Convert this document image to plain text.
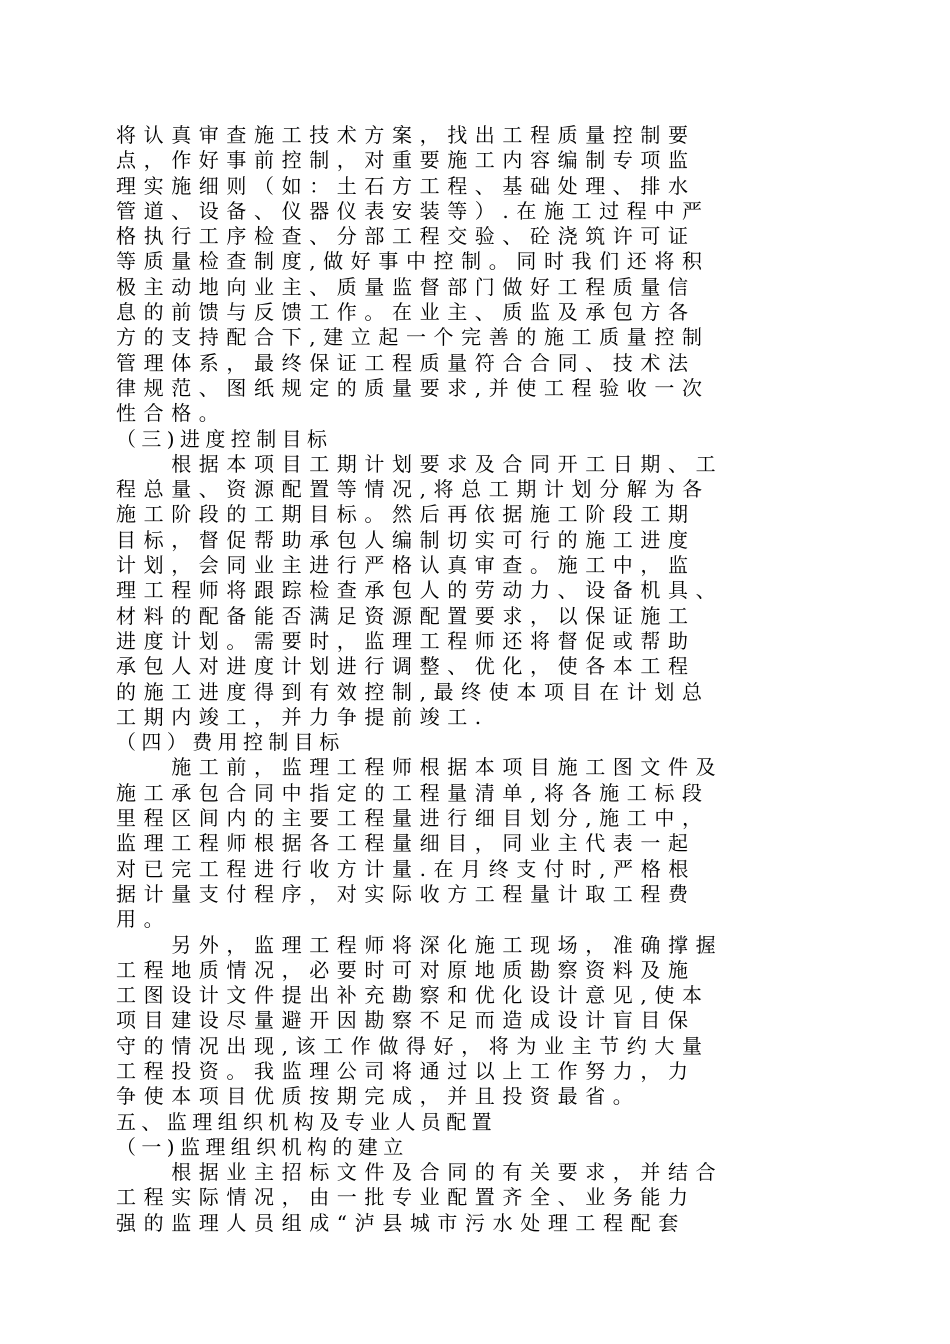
将认真审查施工技术方案，找出工程质量控制要
点，作好事前控制，对重要施工内容编制专项监
理实施细则（如：土石方工程、基础处理、排水
管道、设备、仪器仪表安装等）.在施工过程中严
格执行工序检查、分部工程交验、砼浇筑许可证
等质量检查制度,做好事中控制。同时我们还将积
极主动地向业主、质量监督部门做好工程质量信
息的前馈与反馈工作。在业主、质监及承包方各
方的支持配合下,建立起一个完善的施工质量控制
管理体系，最终保证工程质量符合合同、技术法
律规范、图纸规定的质量要求,并使工程验收一次
性合格。
（三)进度控制目标
　　根据本项目工期计划要求及合同开工日期、工
程总量、资源配置等情况,将总工期计划分解为各
施工阶段的工期目标。然后再依据施工阶段工期
目标，督促帮助承包人编制切实可行的施工进度
计划，会同业主进行严格认真审查。施工中，监
理工程师将跟踪检查承包人的劳动力、设备机具、
材料的配备能否满足资源配置要求，以保证施工
进度计划。需要时，监理工程师还将督促或帮助
承包人对进度计划进行调整、优化，使各本工程
的施工进度得到有效控制,最终使本项目在计划总
工期内竣工，并力争提前竣工.
（四）费用控制目标
　　施工前，监理工程师根据本项目施工图文件及
施工承包合同中指定的工程量清单,将各施工标段
里程区间内的主要工程量进行细目划分,施工中，
监理工程师根据各工程量细目，同业主代表一起
对已完工程进行收方计量.在月终支付时,严格根
据计量支付程序，对实际收方工程量计取工程费
用。
　　另外，监理工程师将深化施工现场，准确撑握
工程地质情况，必要时可对原地质勘察资料及施
工图设计文件提出补充勘察和优化设计意见,使本
项目建设尽量避开因勘察不足而造成设计盲目保
守的情况出现,该工作做得好，将为业主节约大量
工程投资。我监理公司将通过以上工作努力，力
争使本项目优质按期完成，并且投资最省。
五、监理组织机构及专业人员配置
（一)监理组织机构的建立
　　根据业主招标文件及合同的有关要求，并结合
工程实际情况，由一批专业配置齐全、业务能力
强的监理人员组成“泸县城市污水处理工程配套
